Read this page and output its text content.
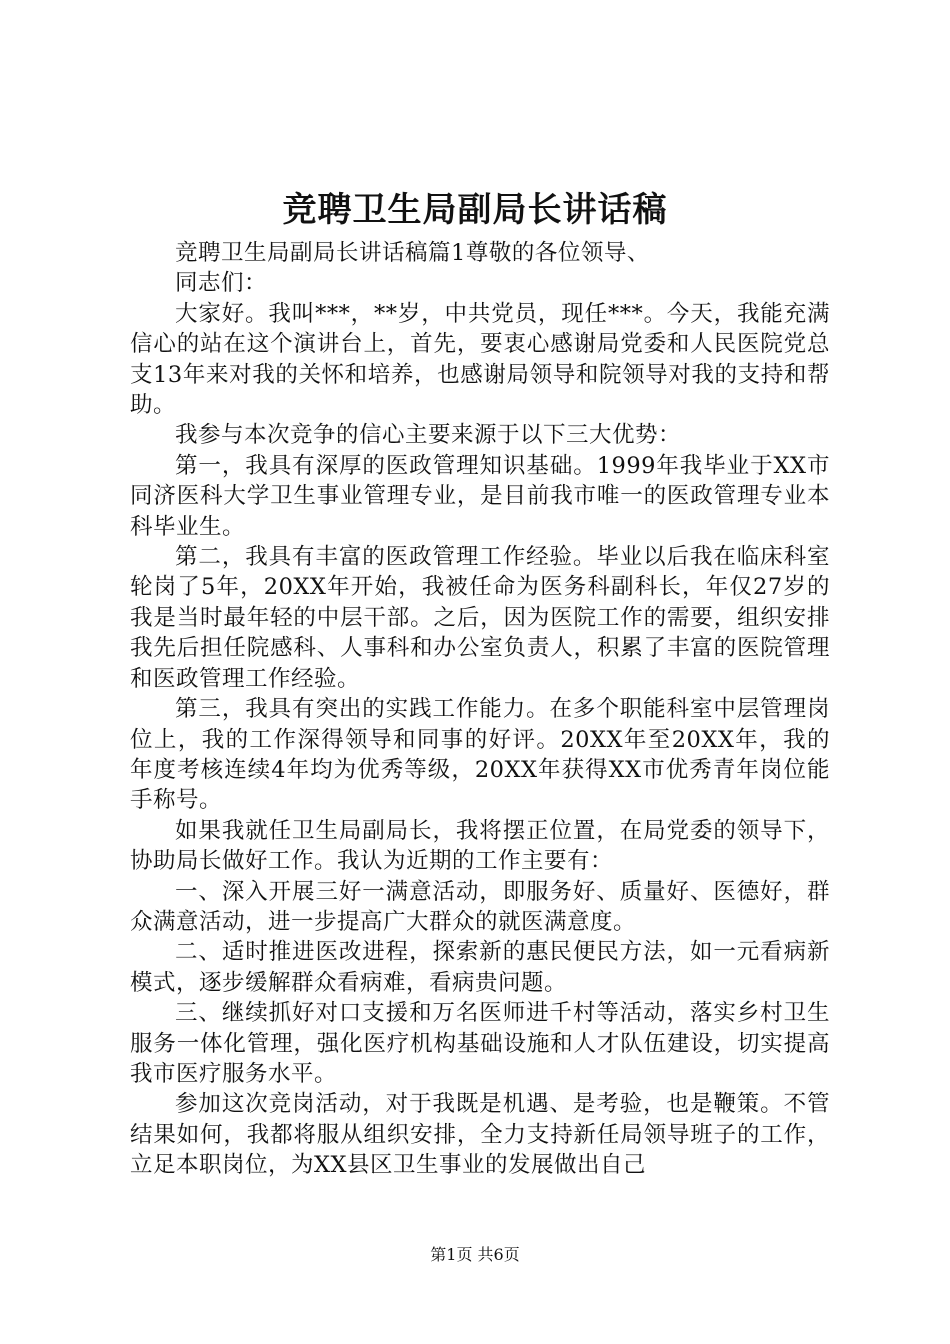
竞聘卫生局副局长讲话稿

竞聘卫生局副局长讲话稿篇1尊敬的各位领导、

同志们：

大家好。我叫***，**岁，中共党员，现任***。今天，我能充满信心的站在这个演讲台上，首先，要衷心感谢局党委和人民医院党总支13年来对我的关怀和培养，也感谢局领导和院领导对我的支持和帮助。

我参与本次竞争的信心主要来源于以下三大优势：

第一，我具有深厚的医政管理知识基础。1999年我毕业于XX市同济医科大学卫生事业管理专业，是目前我市唯一的医政管理专业本科毕业生。

第二，我具有丰富的医政管理工作经验。毕业以后我在临床科室轮岗了5年，20XX年开始，我被任命为医务科副科长，年仅27岁的我是当时最年轻的中层干部。之后，因为医院工作的需要，组织安排我先后担任院感科、人事科和办公室负责人，积累了丰富的医院管理和医政管理工作经验。

第三，我具有突出的实践工作能力。在多个职能科室中层管理岗位上，我的工作深得领导和同事的好评。20XX年至20XX年，我的年度考核连续4年均为优秀等级，20XX年获得XX市优秀青年岗位能手称号。

如果我就任卫生局副局长，我将摆正位置，在局党委的领导下，协助局长做好工作。我认为近期的工作主要有：

一、深入开展三好一满意活动，即服务好、质量好、医德好，群众满意活动，进一步提高广大群众的就医满意度。

二、适时推进医改进程，探索新的惠民便民方法，如一元看病新模式，逐步缓解群众看病难，看病贵问题。

三、继续抓好对口支援和万名医师进千村等活动，落实乡村卫生服务一体化管理，强化医疗机构基础设施和人才队伍建设，切实提高我市医疗服务水平。

参加这次竞岗活动，对于我既是机遇、是考验，也是鞭策。不管结果如何，我都将服从组织安排，全力支持新任局领导班子的工作，立足本职岗位，为XX县区卫生事业的发展做出自己

第1页 共6页
